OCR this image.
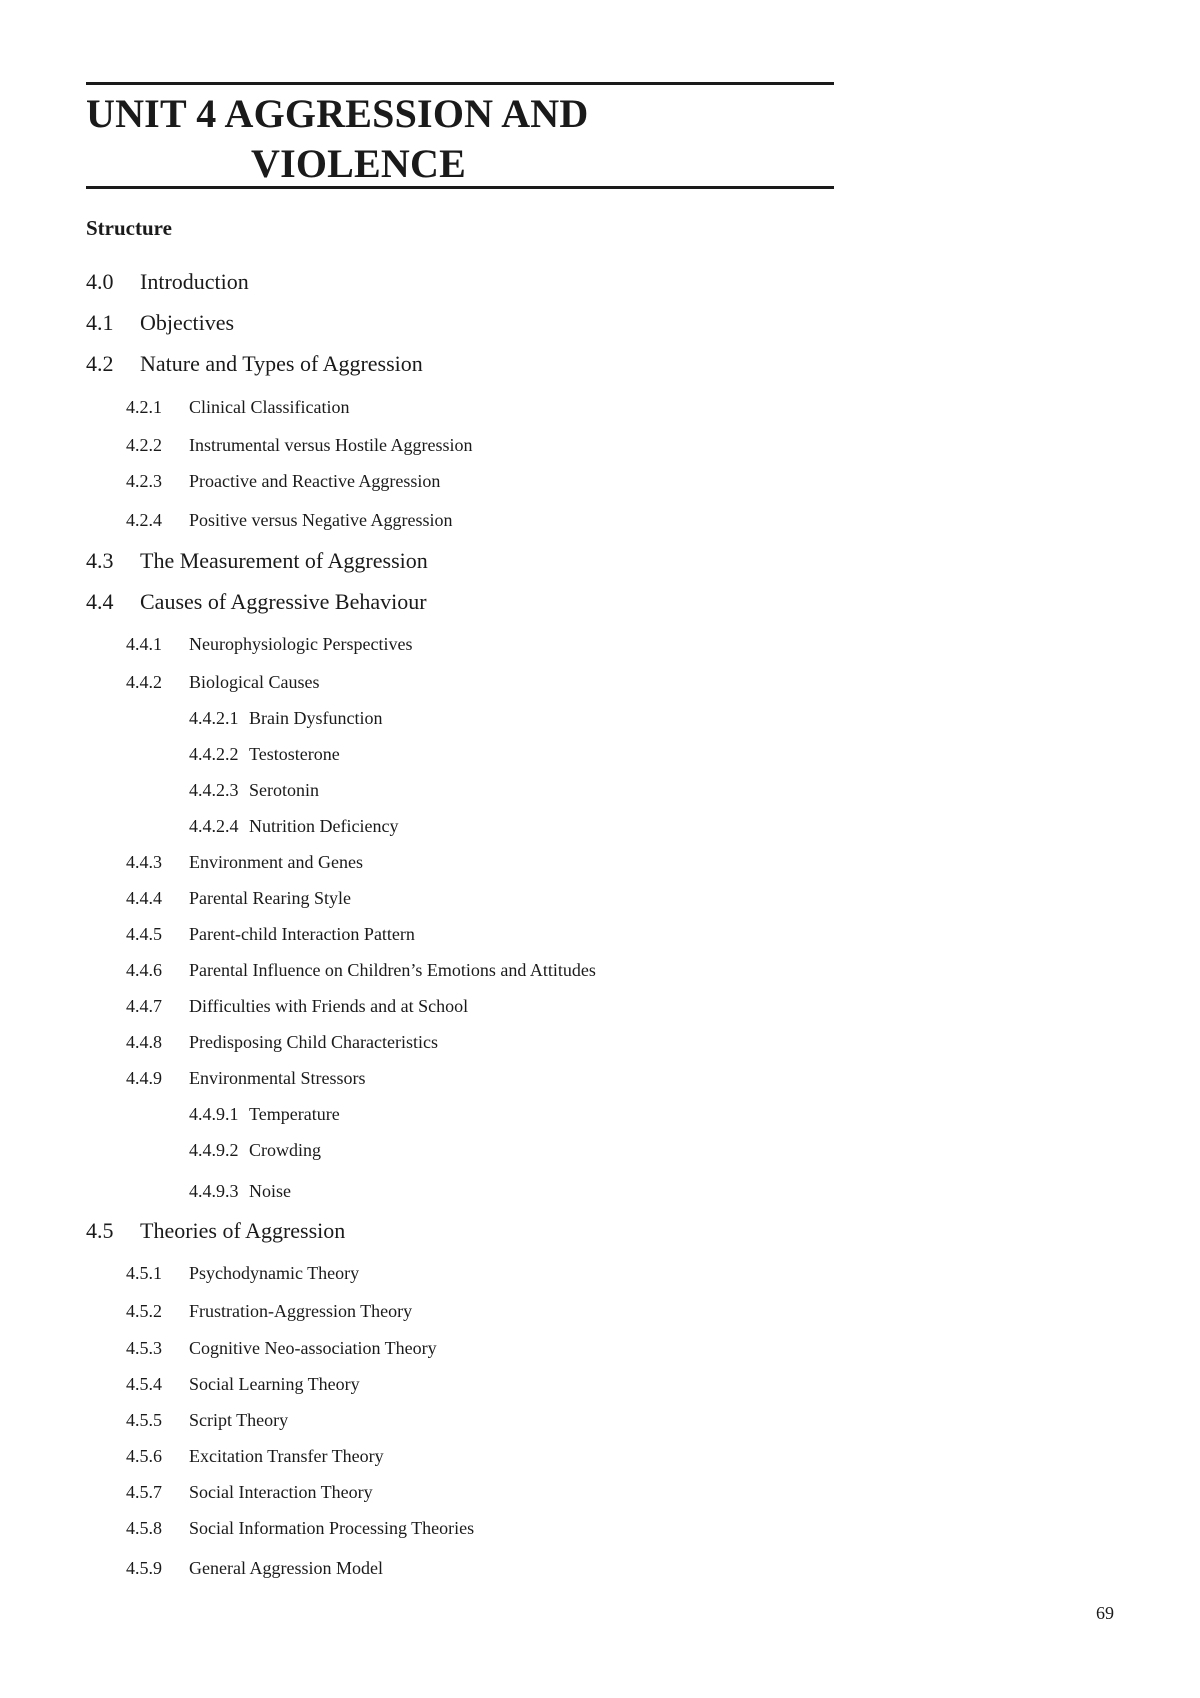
UNIT 4 AGGRESSION AND
VIOLENCE
Structure
4.0 Introduction
4.1 Objectives
4.2 Nature and Types of Aggression
4.2.1 Clinical Classification
4.2.2 Instrumental versus Hostile Aggression
4.2.3 Proactive and Reactive Aggression
4.2.4 Positive versus Negative Aggression
4.3 The Measurement of Aggression
4.4 Causes of Aggressive Behaviour
4.4.1 Neurophysiologic Perspectives
4.4.2 Biological Causes
4.4.2.1 Brain Dysfunction
4.4.2.2 Testosterone
4.4.2.3 Serotonin
4.4.2.4 Nutrition Deficiency
4.4.3 Environment and Genes
4.4.4 Parental Rearing Style
4.4.5 Parent-child Interaction Pattern
4.4.6 Parental Influence on Children’s Emotions and Attitudes
4.4.7 Difficulties with Friends and at School
4.4.8 Predisposing Child Characteristics
4.4.9 Environmental Stressors
4.4.9.1 Temperature
4.4.9.2 Crowding
4.4.9.3 Noise
4.5 Theories of Aggression
4.5.1 Psychodynamic Theory
4.5.2 Frustration-Aggression Theory
4.5.3 Cognitive Neo-association Theory
4.5.4 Social Learning Theory
4.5.5 Script Theory
4.5.6 Excitation Transfer Theory
4.5.7 Social Interaction Theory
4.5.8 Social Information Processing Theories
4.5.9 General Aggression Model
69
